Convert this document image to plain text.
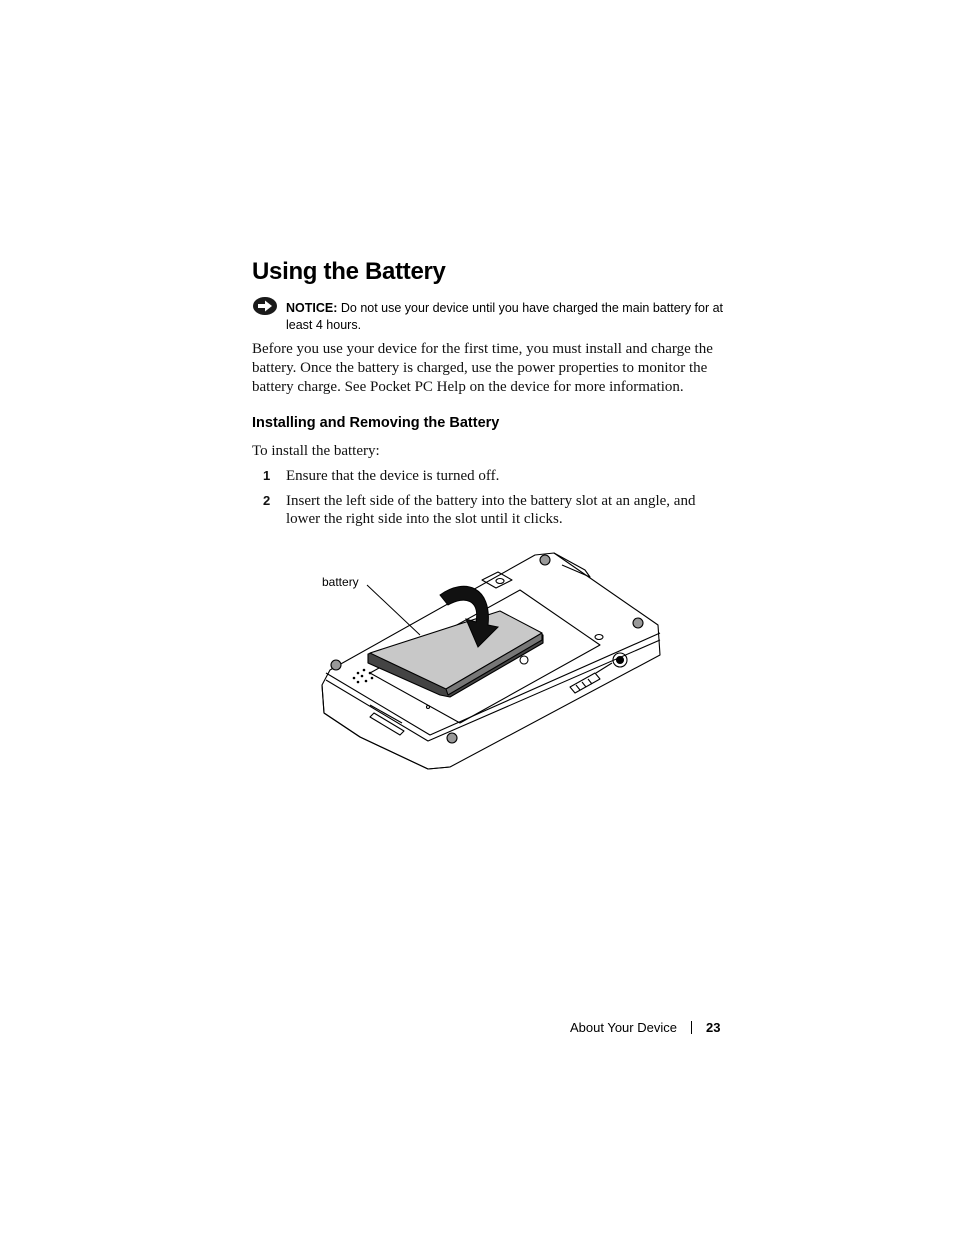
Using the Battery
NOTICE: Do not use your device until you have charged the main battery for at least 4 hours.

Before you use your device for the first time, you must install and charge the battery. Once the battery is charged, use the power properties to monitor the battery charge. See Pocket PC Help on the device for more information.

Installing and Removing the Battery

To install the battery:

1 Ensure that the device is turned off.
2 Insert the left side of the battery into the battery slot at an angle, and lower the right side into the slot until it clicks.
battery
About Your Device 23
